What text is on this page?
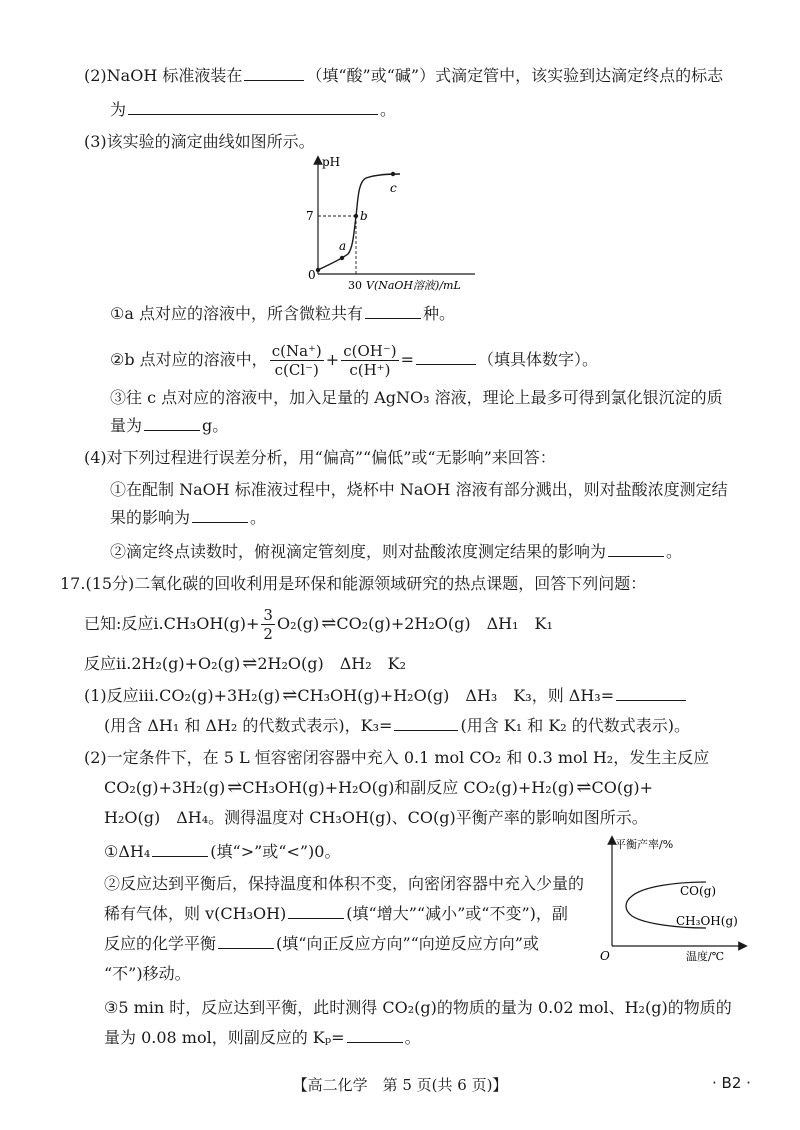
(2)NaOH 标准液装在	（填“酸”或“碱”）式滴定管中，该实验到达滴定终点的标志
为	。
(3)该实验的滴定曲线如图所示。
pH
7
0
30 V(NaOH溶液)/mL
a
b
c
①a 点对应的溶液中，所含微粒共有	种。
②b 点对应的溶液中， $\frac{c(Na^+)}{c(Cl^-)} + \frac{c(OH^-)}{c(H^+)}$ =	（填具体数字）。
③往 c 点对应的溶液中，加入足量的 AgNO₃ 溶液，理论上最多可得到氯化银沉淀的质
量为	g。
(4)对下列过程进行误差分析，用“偏高”“偏低”或“无影响”来回答：
①在配制 NaOH 标准液过程中，烧杯中 NaOH 溶液有部分溅出，则对盐酸浓度测定结
果的影响为	。
②滴定终点读数时，俯视滴定管刻度，则对盐酸浓度测定结果的影响为	。
17.(15分)二氧化碳的回收利用是环保和能源领域研究的热点课题，回答下列问题：
已知:反应ⅰ.CH₃OH(g)+ $\frac{3}{2} O_2(g)$ ⇌ CO₂(g)+2H₂O(g)　ΔH₁　K₁
反应ⅱ.2H₂(g)+O₂(g) ⇌ 2H₂O(g)　ΔH₂　K₂
(1)反应ⅲ.CO₂(g)+3H₂(g) ⇌ CH₃OH(g)+H₂O(g)　ΔH₃　K₃，则 ΔH₃=
(用含 ΔH₁ 和 ΔH₂ 的代数式表示)，K₃=	(用含 K₁ 和 K₂ 的代数式表示)。
(2)一定条件下，在 5 L 恒容密闭容器中充入 0.1 mol CO₂ 和 0.3 mol H₂，发生主反应
CO₂(g)+3H₂(g) ⇌ CH₃OH(g)+H₂O(g)和副反应 CO₂(g)+H₂(g) ⇌ CO(g)+
H₂O(g)　ΔH₄。测得温度对 CH₃OH(g)、CO(g)平衡产率的影响如图所示。
①ΔH₄	(填“>”或“<”)0。
②反应达到平衡后，保持温度和体积不变，向密闭容器中充入少量的
稀有气体，则 v(CH₃OH)	(填“增大”“减小”或“不变”)，副
反应的化学平衡	(填“向正反应方向”“向逆反应方向”或
“不”)移动。
平衡产率/%
O	温度/℃
CO(g)
CH₃OH(g)
③5 min 时，反应达到平衡，此时测得 CO₂(g)的物质的量为 0.02 mol、H₂(g)的物质的
量为 0.08 mol，则副反应的 Kₚ=	。
【高二化学　第 5 页(共 6 页)】	· B2 ·
